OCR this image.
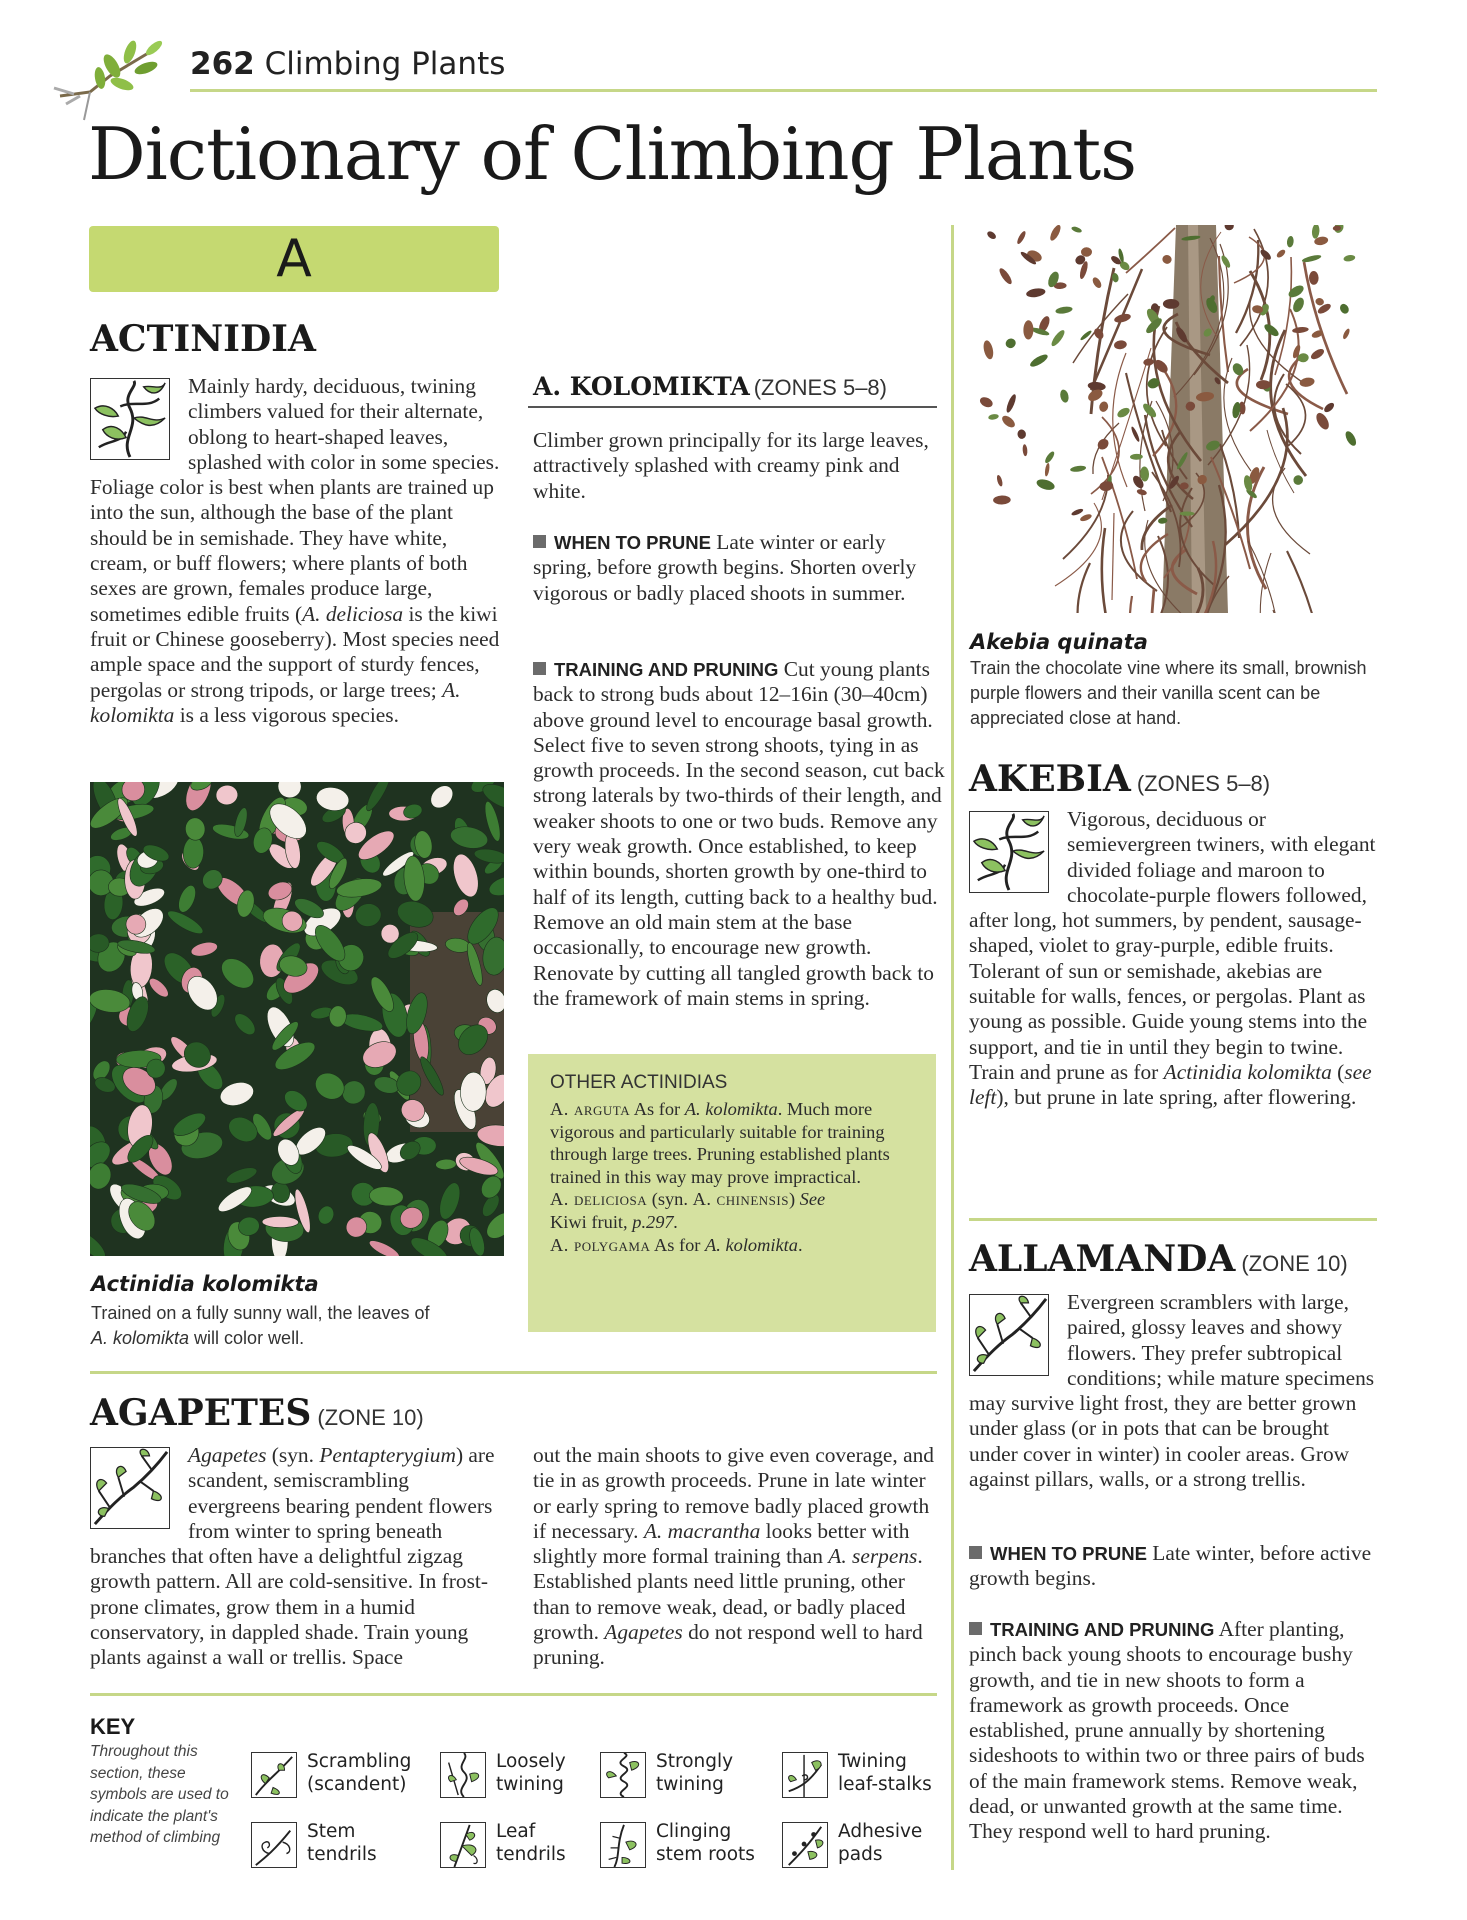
262 Climbing Plants
Dictionary of Climbing Plants
A
ACTINIDIA
Mainly hardy, deciduous, twining climbers valued for their alternate, oblong to heart-shaped leaves, splashed with color in some species. Foliage color is best when plants are trained up into the sun, although the base of the plant should be in semishade. They have white, cream, or buff flowers; where plants of both sexes are grown, females produce large, sometimes edible fruits (A. deliciosa is the kiwi fruit or Chinese gooseberry). Most species need ample space and the support of sturdy fences, pergolas or strong tripods, or large trees; A. kolomikta is a less vigorous species.
Actinidia kolomikta
Trained on a fully sunny wall, the leaves of
A. kolomikta will color well.
A. KOLOMIKTA (ZONES 5–8)
Climber grown principally for its large leaves, attractively splashed with creamy pink and white.
WHEN TO PRUNE Late winter or early spring, before growth begins. Shorten overly vigorous or badly placed shoots in summer.
TRAINING AND PRUNING Cut young plants back to strong buds about 12–16in (30–40cm) above ground level to encourage basal growth. Select five to seven strong shoots, tying in as growth proceeds. In the second season, cut back strong laterals by two-thirds of their length, and weaker shoots to one or two buds. Remove any very weak growth. Once established, to keep within bounds, shorten growth by one-third to half of its length, cutting back to a healthy bud. Remove an old main stem at the base occasionally, to encourage new growth. Renovate by cutting all tangled growth back to the framework of main stems in spring.
OTHER ACTINIDIAS
A. arguta As for A. kolomikta. Much more vigorous and particularly suitable for training through large trees. Pruning established plants trained in this way may prove impractical.
A. deliciosa (syn. A. chinensis) See
Kiwi fruit, p.297.
A. polygama As for A. kolomikta.
AGAPETES (ZONE 10)
Agapetes (syn. Pentapterygium) are scandent, semiscrambling evergreens bearing pendent flowers from winter to spring beneath branches that often have a delightful zigzag growth pattern. All are cold-sensitive. In frost-prone climates, grow them in a humid conservatory, in dappled shade. Train young plants against a wall or trellis. Space
out the main shoots to give even coverage, and tie in as growth proceeds. Prune in late winter or early spring to remove badly placed growth if necessary. A. macrantha looks better with slightly more formal training than A. serpens. Established plants need little pruning, other than to remove weak, dead, or badly placed growth. Agapetes do not respond well to hard pruning.
KEY
Throughout this section, these symbols are used to indicate the plant's method of climbing
Scrambling
(scandent)
Loosely
twining
Strongly
twining
Twining
leaf-stalks
Stem
tendrils
Leaf
tendrils
Clinging
stem roots
Adhesive
pads
Akebia quinata
Train the chocolate vine where its small, brownish purple flowers and their vanilla scent can be appreciated close at hand.
AKEBIA (ZONES 5–8)
Vigorous, deciduous or semievergreen twiners, with elegant divided foliage and maroon to chocolate-purple flowers followed, after long, hot summers, by pendent, sausage-shaped, violet to gray-purple, edible fruits. Tolerant of sun or semishade, akebias are suitable for walls, fences, or pergolas. Plant as young as possible. Guide young stems into the support, and tie in until they begin to twine. Train and prune as for Actinidia kolomikta (see left), but prune in late spring, after flowering.
ALLAMANDA (ZONE 10)
Evergreen scramblers with large, paired, glossy leaves and showy flowers. They prefer subtropical conditions; while mature specimens may survive light frost, they are better grown under glass (or in pots that can be brought under cover in winter) in cooler areas. Grow against pillars, walls, or a strong trellis.
WHEN TO PRUNE Late winter, before active growth begins.
TRAINING AND PRUNING After planting, pinch back young shoots to encourage bushy growth, and tie in new shoots to form a framework as growth proceeds. Once established, prune annually by shortening sideshoots to within two or three pairs of buds of the main framework stems. Remove weak, dead, or unwanted growth at the same time. They respond well to hard pruning.
